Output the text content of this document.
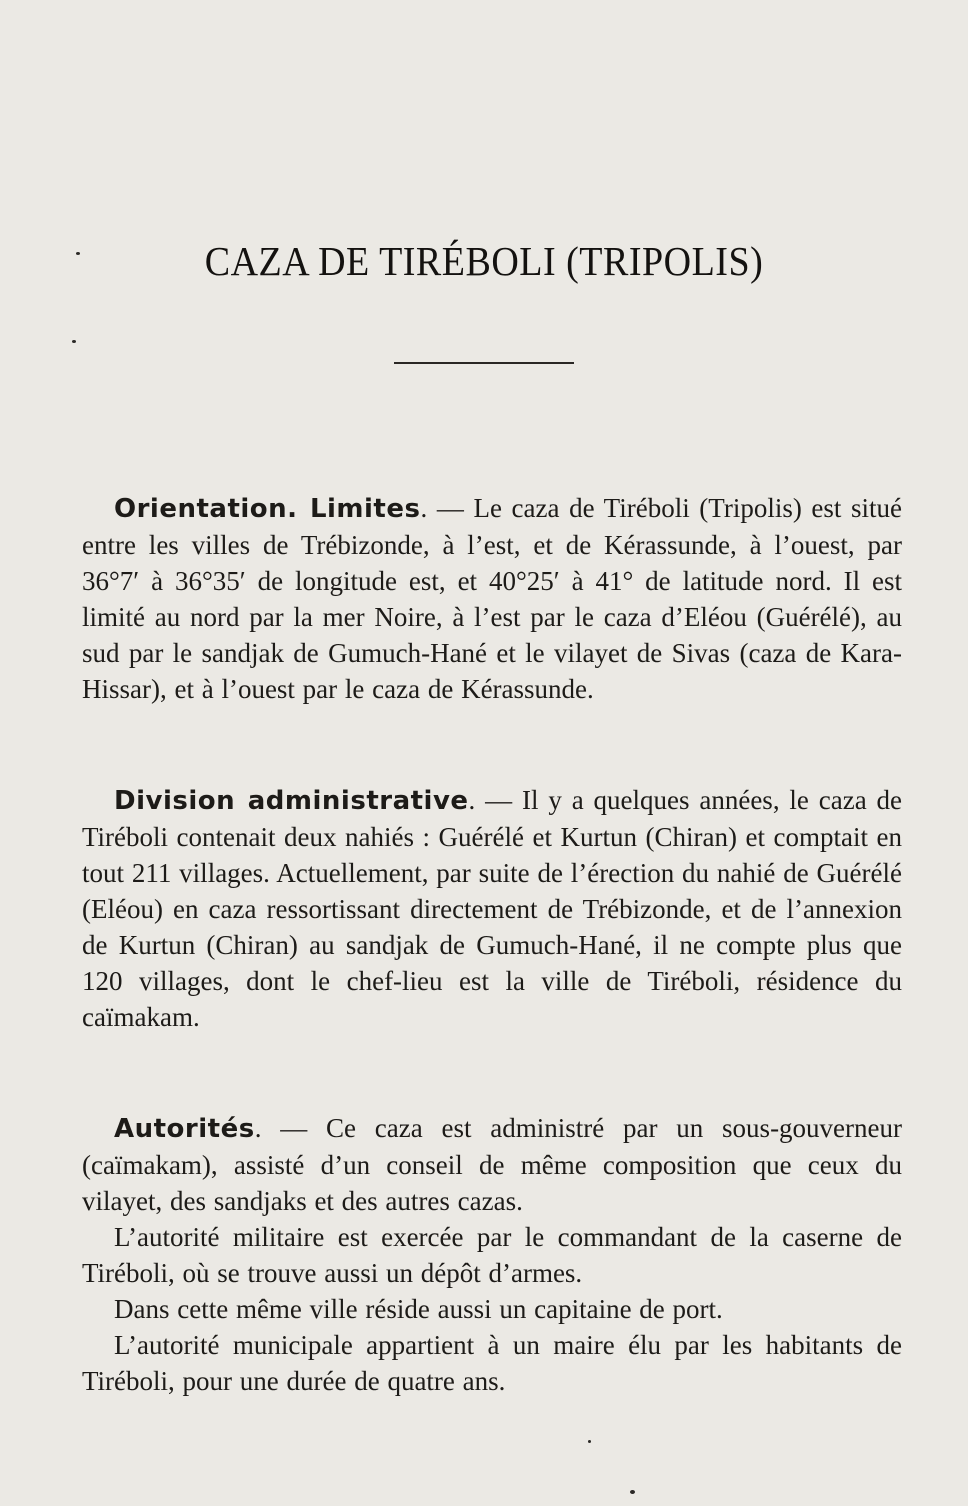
CAZA DE TIRÉBOLI (TRIPOLIS)

Orientation. Limites. — Le caza de Tiréboli (Tripolis) est situé entre les villes de Trébizonde, à l’est, et de Kérassunde, à l’ouest, par 36°7′ à 36°35′ de longitude est, et 40°25′ à 41° de latitude nord. Il est limité au nord par la mer Noire, à l’est par le caza d’Eléou (Guérélé), au sud par le sandjak de Gumuch-Hané et le vilayet de Sivas (caza de Kara-Hissar), et à l’ouest par le caza de Kérassunde.

Division administrative. — Il y a quelques années, le caza de Tiréboli contenait deux nahiés : Guérélé et Kurtun (Chiran) et comptait en tout 211 villages. Actuellement, par suite de l’érection du nahié de Guérélé (Eléou) en caza ressortissant directement de Trébizonde, et de l’annexion de Kurtun (Chiran) au sandjak de Gumuch-Hané, il ne compte plus que 120 villages, dont le chef-lieu est la ville de Tiréboli, résidence du caïmakam.

Autorités. — Ce caza est administré par un sous-gouverneur (caïmakam), assisté d’un conseil de même composition que ceux du vilayet, des sandjaks et des autres cazas.

L’autorité militaire est exercée par le commandant de la caserne de Tiréboli, où se trouve aussi un dépôt d’armes.

Dans cette même ville réside aussi un capitaine de port.

L’autorité municipale appartient à un maire élu par les habitants de Tiréboli, pour une durée de quatre ans.
